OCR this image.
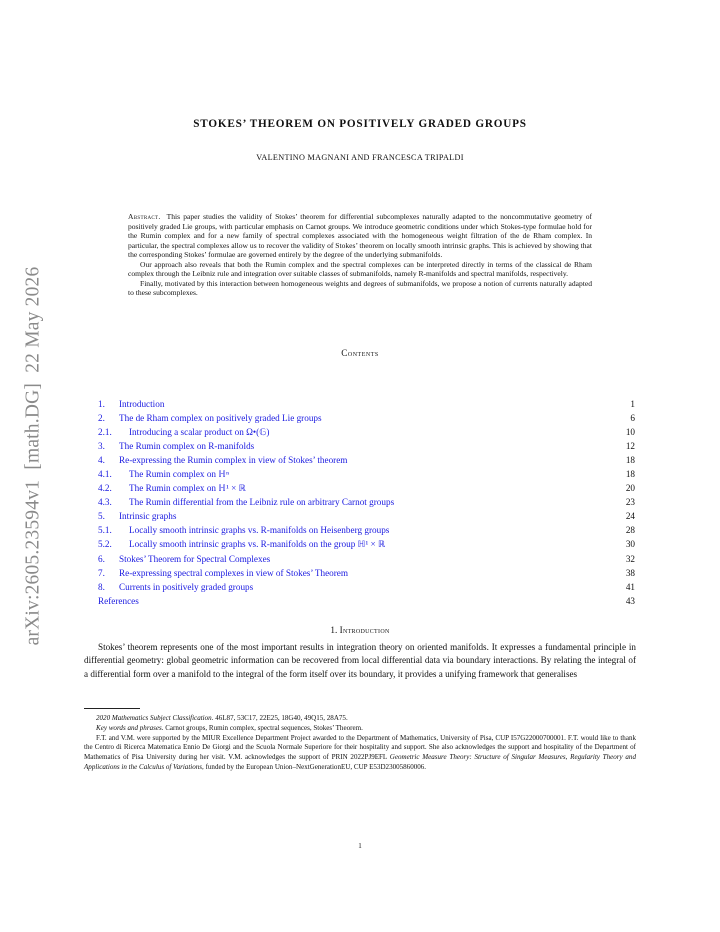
arXiv:2605.23594v1  [math.DG]  22 May 2026
STOKES’ THEOREM ON POSITIVELY GRADED GROUPS
VALENTINO MAGNANI AND FRANCESCA TRIPALDI

Abstract. This paper studies the validity of Stokes’ theorem for differential subcomplexes naturally adapted to the noncommutative geometry of positively graded Lie groups, with particular emphasis on Carnot groups. We introduce geometric conditions under which Stokes-type formulae hold for the Rumin complex and for a new family of spectral complexes associated with the homogeneous weight filtration of the de Rham complex. In particular, the spectral complexes allow us to recover the validity of Stokes’ theorem on locally smooth intrinsic graphs. This is achieved by showing that the corresponding Stokes’ formulae are governed entirely by the degree of the underlying submanifolds.

Our approach also reveals that both the Rumin complex and the spectral complexes can be interpreted directly in terms of the classical de Rham complex through the Leibniz rule and integration over suitable classes of submanifolds, namely R-manifolds and spectral manifolds, respectively.

Finally, motivated by this interaction between homogeneous weights and degrees of submanifolds, we propose a notion of currents naturally adapted to these subcomplexes.

Contents
1. Introduction	1
2. The de Rham complex on positively graded Lie groups	6
2.1. Introducing a scalar product on Ω•(𝔾)	10
3. The Rumin complex on R-manifolds	12
4. Re-expressing the Rumin complex in view of Stokes’ theorem	18
4.1. The Rumin complex on ℍⁿ	18
4.2. The Rumin complex on ℍ¹ × ℝ	20
4.3. The Rumin differential from the Leibniz rule on arbitrary Carnot groups	23
5. Intrinsic graphs	24
5.1. Locally smooth intrinsic graphs vs. R-manifolds on Heisenberg groups	28
5.2. Locally smooth intrinsic graphs vs. R-manifolds on the group ℍ¹ × ℝ	30
6. Stokes’ Theorem for Spectral Complexes	32
7. Re-expressing spectral complexes in view of Stokes’ Theorem	38
8. Currents in positively graded groups	41
References	43
1. Introduction

Stokes’ theorem represents one of the most important results in integration theory on oriented manifolds. It expresses a fundamental principle in differential geometry: global geometric information can be recovered from local differential data via boundary interactions. By relating the integral of a differential form over a manifold to the integral of the form itself over its boundary, it provides a unifying framework that generalises

2020 Mathematics Subject Classification. 46L87, 53C17, 22E25, 18G40, 49Q15, 28A75.

Key words and phrases. Carnot groups, Rumin complex, spectral sequences, Stokes’ Theorem.

F.T. and V.M. were supported by the MIUR Excellence Department Project awarded to the Department of Mathematics, University of Pisa, CUP I57G22000700001. F.T. would like to thank the Centro di Ricerca Matematica Ennio De Giorgi and the Scuola Normale Superiore for their hospitality and support. She also acknowledges the support and hospitality of the Department of Mathematics of Pisa University during her visit. V.M. acknowledges the support of PRIN 2022PJ9EFL Geometric Measure Theory: Structure of Singular Measures, Regularity Theory and Applications in the Calculus of Variations, funded by the European Union–NextGenerationEU, CUP E53D23005860006.

1
